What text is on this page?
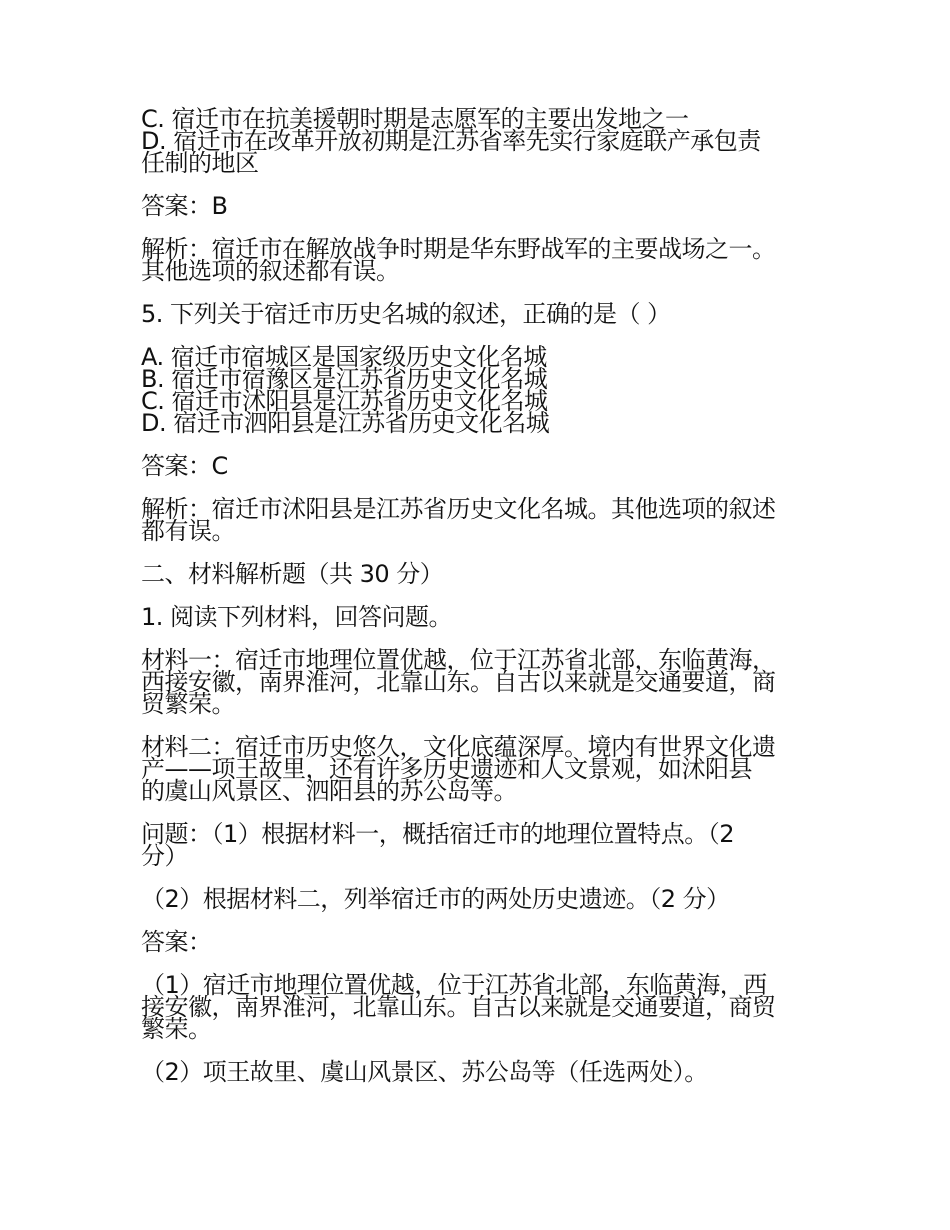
C. 宿迁市在抗美援朝时期是志愿军的主要出发地之一
D. 宿迁市在改革开放初期是江苏省率先实行家庭联产承包责
任制的地区

答案：B

解析：宿迁市在解放战争时期是华东野战军的主要战场之一。
其他选项的叙述都有误。

5. 下列关于宿迁市历史名城的叙述，正确的是（ ）

A. 宿迁市宿城区是国家级历史文化名城
B. 宿迁市宿豫区是江苏省历史文化名城
C. 宿迁市沭阳县是江苏省历史文化名城
D. 宿迁市泗阳县是江苏省历史文化名城

答案：C

解析：宿迁市沭阳县是江苏省历史文化名城。其他选项的叙述
都有误。

二、材料解析题（共 30 分）

1. 阅读下列材料，回答问题。

材料一：宿迁市地理位置优越，位于江苏省北部，东临黄海，
西接安徽，南界淮河，北靠山东。自古以来就是交通要道，商
贸繁荣。

材料二：宿迁市历史悠久，文化底蕴深厚。境内有世界文化遗
产——项王故里，还有许多历史遗迹和人文景观，如沭阳县
的虞山风景区、泗阳县的苏公岛等。

问题：（1）根据材料一，概括宿迁市的地理位置特点。（2
分）

（2）根据材料二，列举宿迁市的两处历史遗迹。（2 分）

答案：

（1）宿迁市地理位置优越，位于江苏省北部，东临黄海，西
接安徽，南界淮河，北靠山东。自古以来就是交通要道，商贸
繁荣。

（2）项王故里、虞山风景区、苏公岛等（任选两处）。
